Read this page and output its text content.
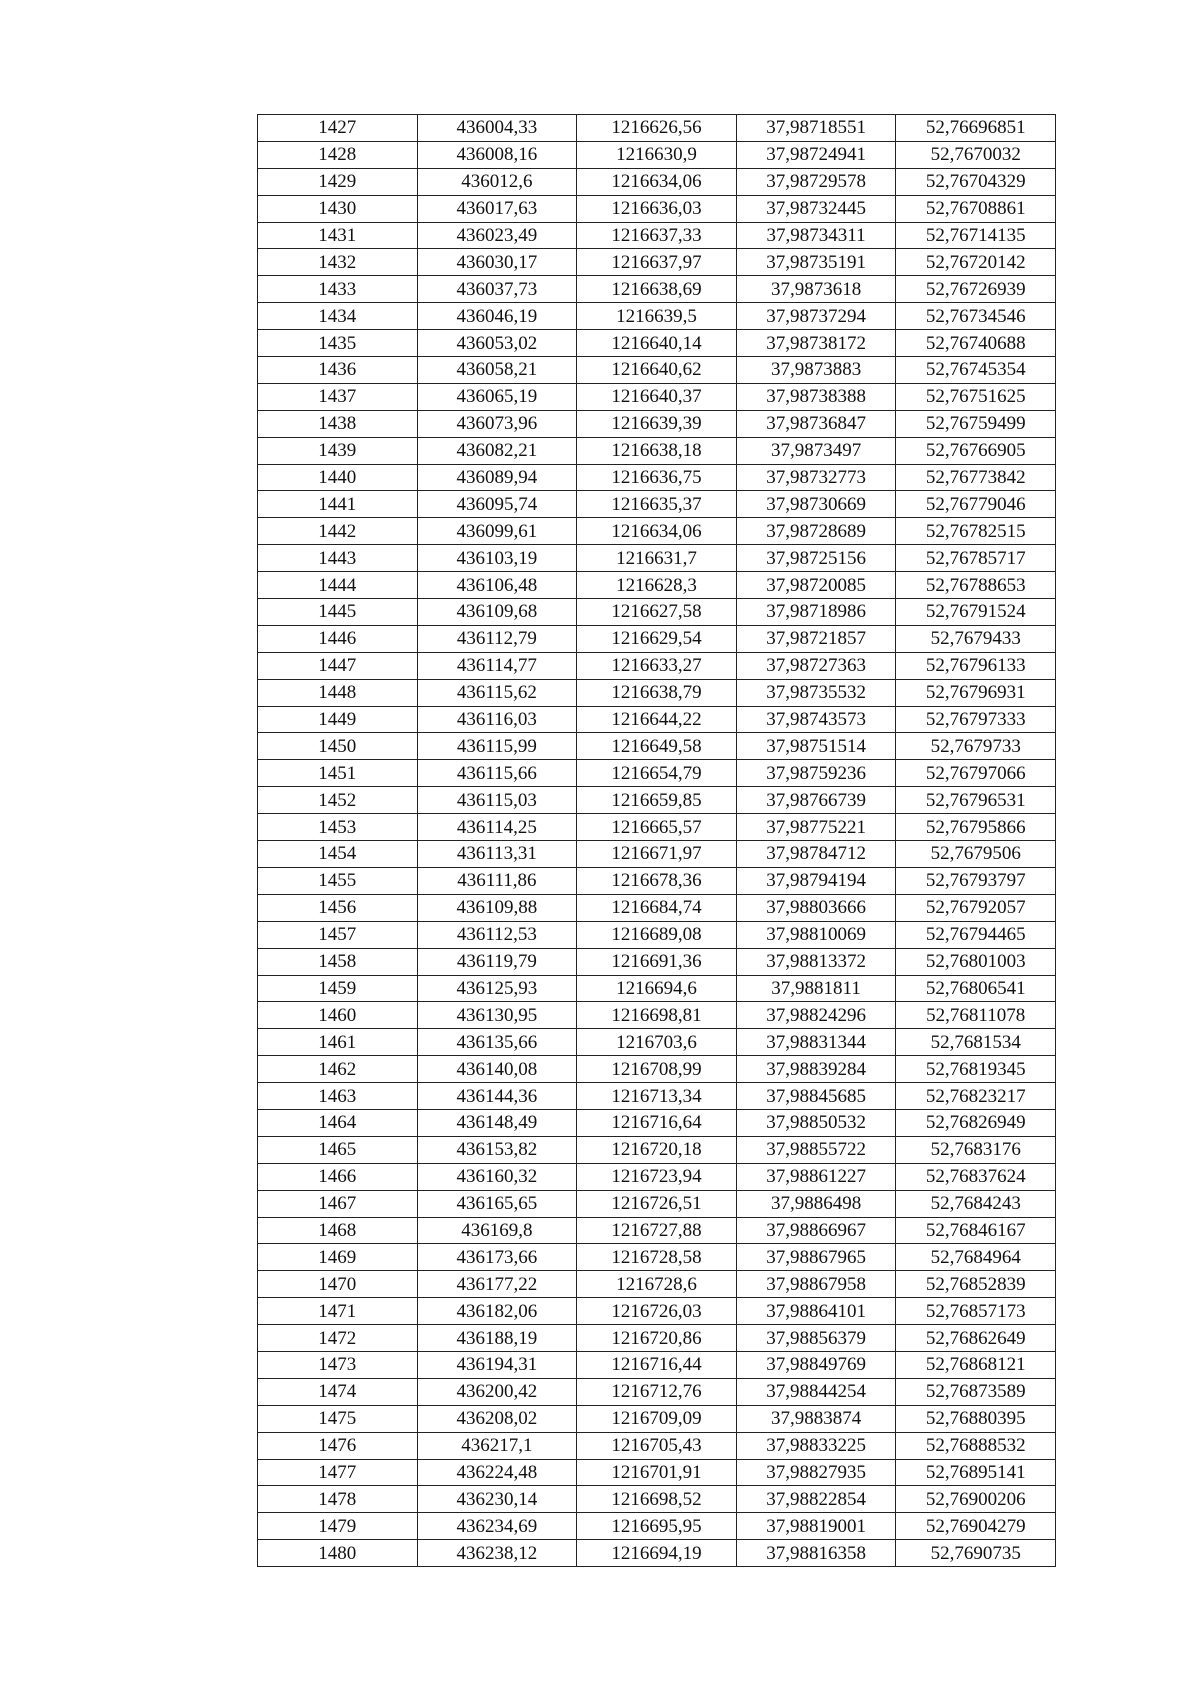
1427	436004,33	1216626,56	37,98718551	52,76696851
1428	436008,16	1216630,9	37,98724941	52,7670032
1429	436012,6	1216634,06	37,98729578	52,76704329
1430	436017,63	1216636,03	37,98732445	52,76708861
1431	436023,49	1216637,33	37,98734311	52,76714135
1432	436030,17	1216637,97	37,98735191	52,76720142
1433	436037,73	1216638,69	37,9873618	52,76726939
1434	436046,19	1216639,5	37,98737294	52,76734546
1435	436053,02	1216640,14	37,98738172	52,76740688
1436	436058,21	1216640,62	37,9873883	52,76745354
1437	436065,19	1216640,37	37,98738388	52,76751625
1438	436073,96	1216639,39	37,98736847	52,76759499
1439	436082,21	1216638,18	37,9873497	52,76766905
1440	436089,94	1216636,75	37,98732773	52,76773842
1441	436095,74	1216635,37	37,98730669	52,76779046
1442	436099,61	1216634,06	37,98728689	52,76782515
1443	436103,19	1216631,7	37,98725156	52,76785717
1444	436106,48	1216628,3	37,98720085	52,76788653
1445	436109,68	1216627,58	37,98718986	52,76791524
1446	436112,79	1216629,54	37,98721857	52,7679433
1447	436114,77	1216633,27	37,98727363	52,76796133
1448	436115,62	1216638,79	37,98735532	52,76796931
1449	436116,03	1216644,22	37,98743573	52,76797333
1450	436115,99	1216649,58	37,98751514	52,7679733
1451	436115,66	1216654,79	37,98759236	52,76797066
1452	436115,03	1216659,85	37,98766739	52,76796531
1453	436114,25	1216665,57	37,98775221	52,76795866
1454	436113,31	1216671,97	37,98784712	52,7679506
1455	436111,86	1216678,36	37,98794194	52,76793797
1456	436109,88	1216684,74	37,98803666	52,76792057
1457	436112,53	1216689,08	37,98810069	52,76794465
1458	436119,79	1216691,36	37,98813372	52,76801003
1459	436125,93	1216694,6	37,9881811	52,76806541
1460	436130,95	1216698,81	37,98824296	52,76811078
1461	436135,66	1216703,6	37,98831344	52,7681534
1462	436140,08	1216708,99	37,98839284	52,76819345
1463	436144,36	1216713,34	37,98845685	52,76823217
1464	436148,49	1216716,64	37,98850532	52,76826949
1465	436153,82	1216720,18	37,98855722	52,7683176
1466	436160,32	1216723,94	37,98861227	52,76837624
1467	436165,65	1216726,51	37,9886498	52,7684243
1468	436169,8	1216727,88	37,98866967	52,76846167
1469	436173,66	1216728,58	37,98867965	52,7684964
1470	436177,22	1216728,6	37,98867958	52,76852839
1471	436182,06	1216726,03	37,98864101	52,76857173
1472	436188,19	1216720,86	37,98856379	52,76862649
1473	436194,31	1216716,44	37,98849769	52,76868121
1474	436200,42	1216712,76	37,98844254	52,76873589
1475	436208,02	1216709,09	37,9883874	52,76880395
1476	436217,1	1216705,43	37,98833225	52,76888532
1477	436224,48	1216701,91	37,98827935	52,76895141
1478	436230,14	1216698,52	37,98822854	52,76900206
1479	436234,69	1216695,95	37,98819001	52,76904279
1480	436238,12	1216694,19	37,98816358	52,7690735
